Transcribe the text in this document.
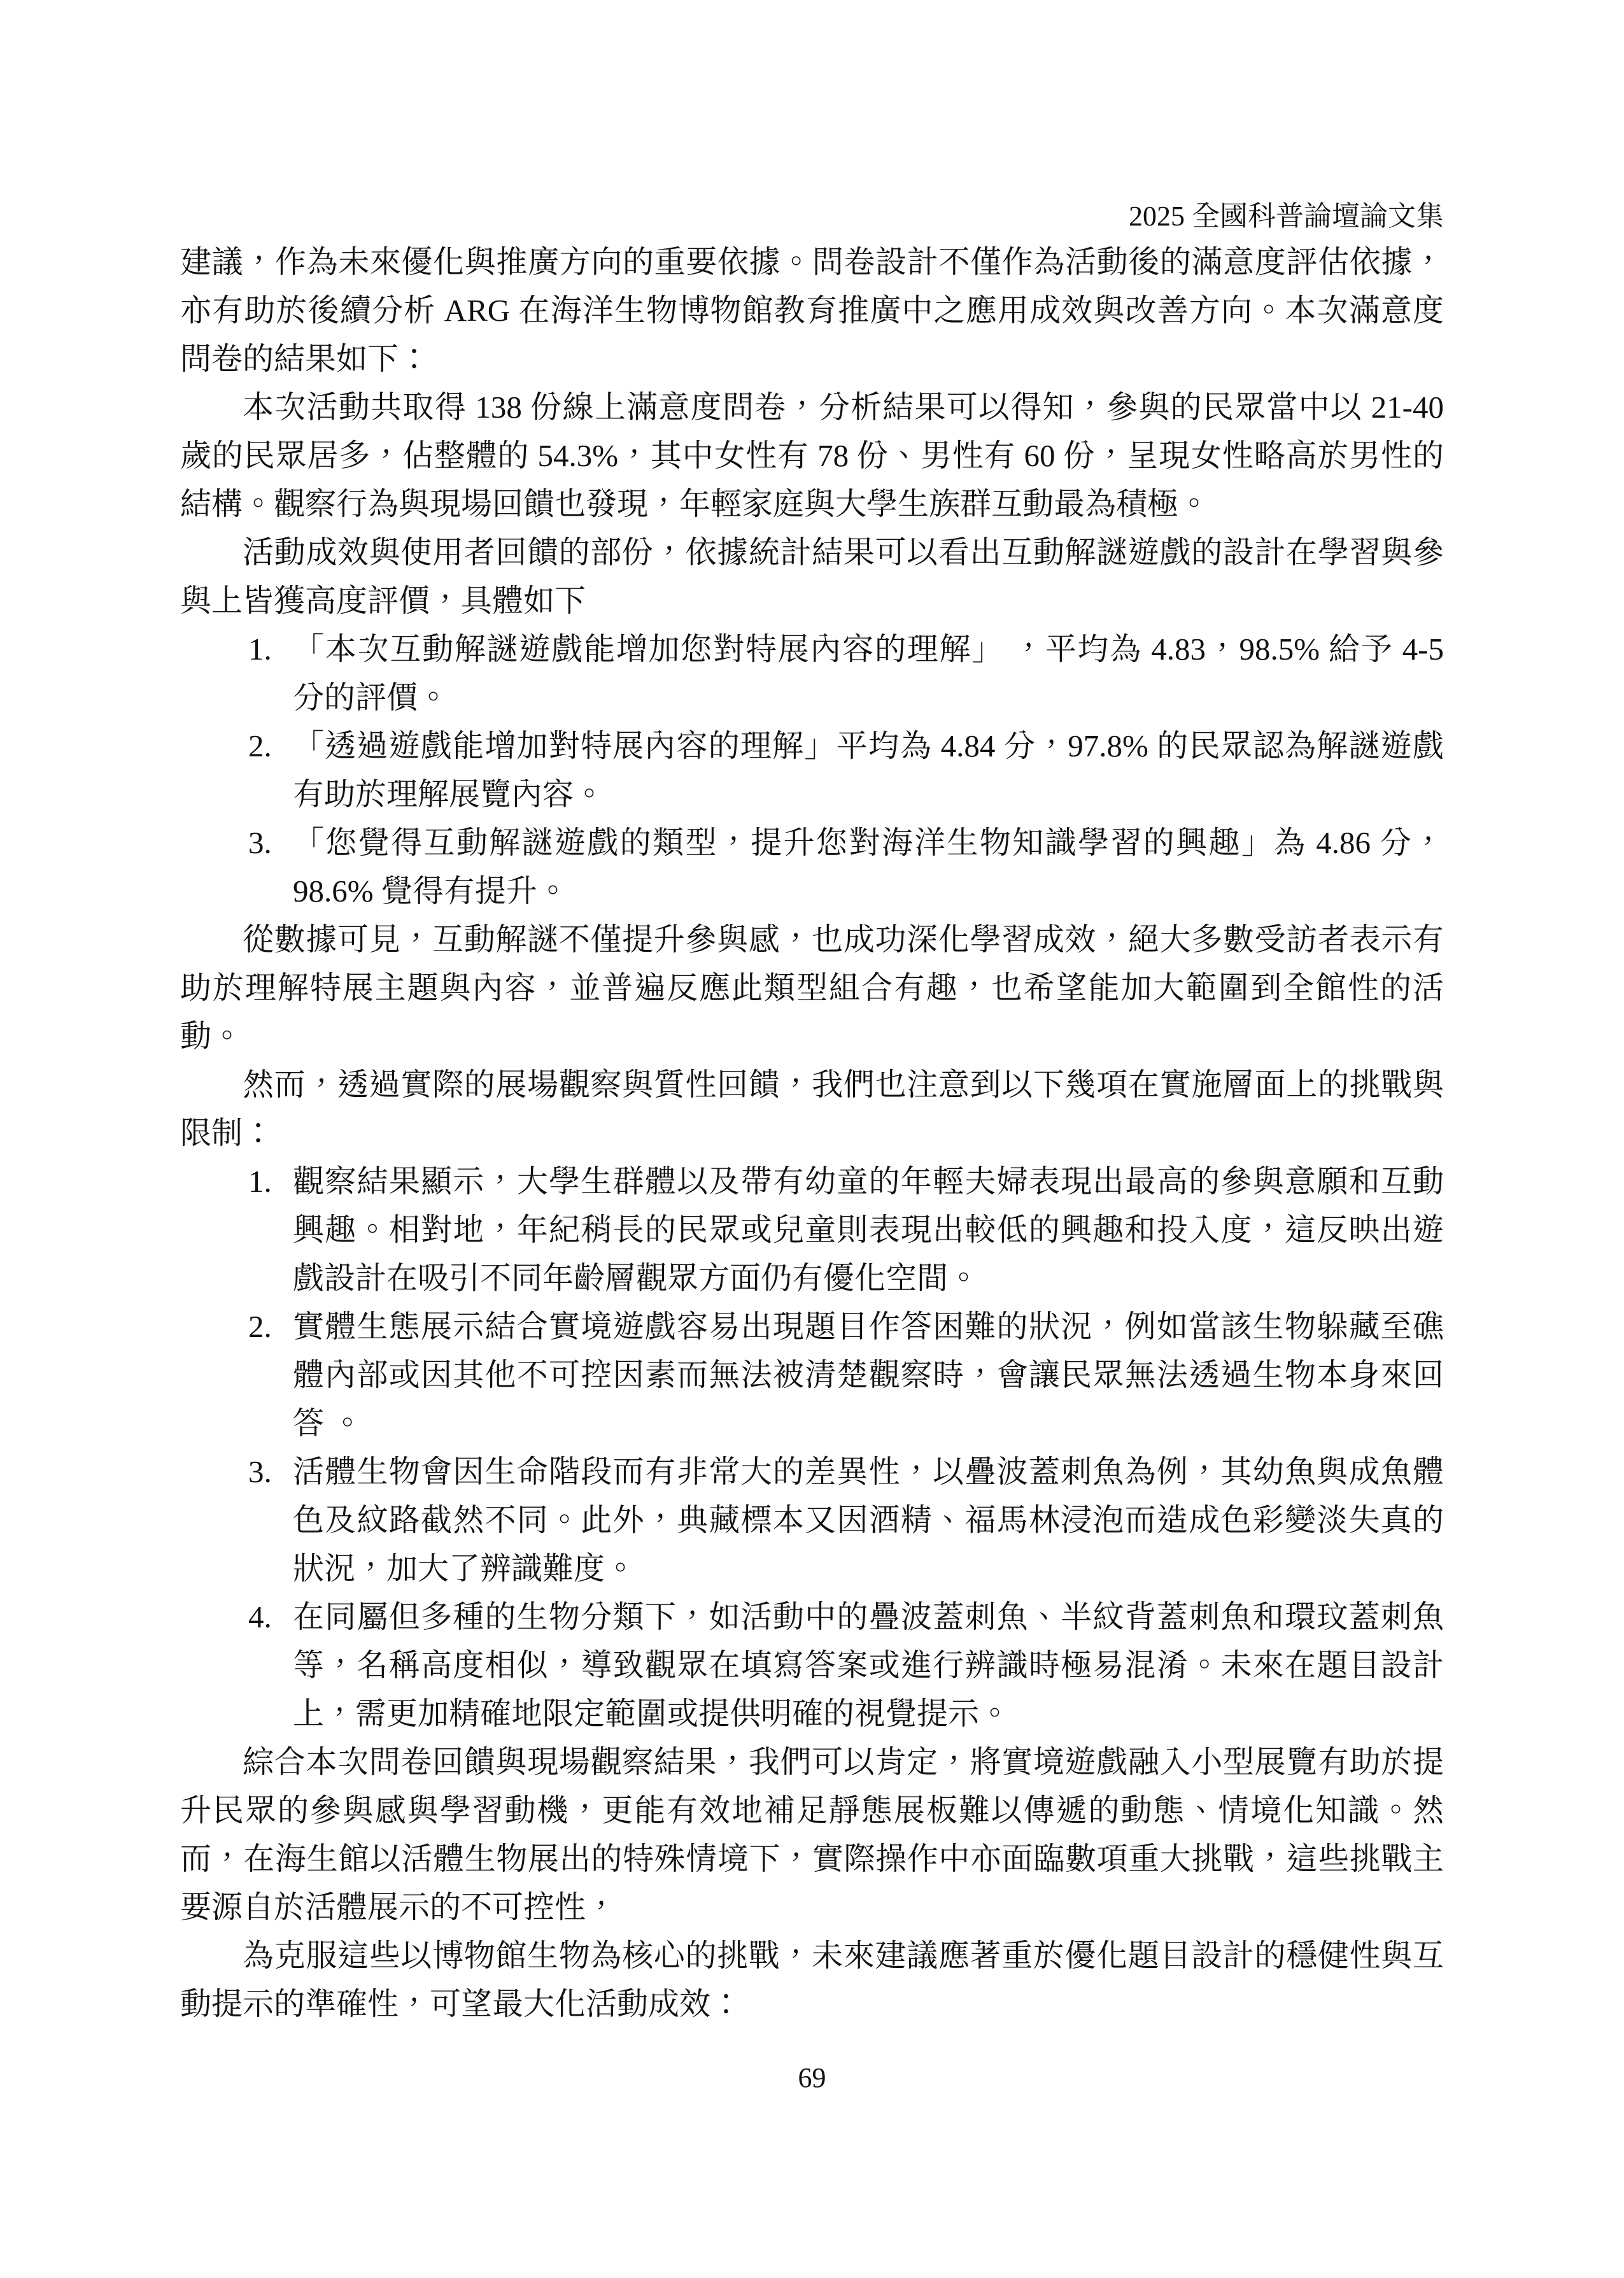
2025 全國科普論壇論文集

建議，作為未來優化與推廣方向的重要依據。問卷設計不僅作為活動後的滿意度評估依據，亦有助於後續分析 ARG 在海洋生物博物館教育推廣中之應用成效與改善方向。本次滿意度問卷的結果如下：

本次活動共取得 138 份線上滿意度問卷，分析結果可以得知，參與的民眾當中以 21-40 歲的民眾居多，佔整體的 54.3%，其中女性有 78 份、男性有 60 份，呈現女性略高於男性的結構。觀察行為與現場回饋也發現，年輕家庭與大學生族群互動最為積極。

活動成效與使用者回饋的部份，依據統計結果可以看出互動解謎遊戲的設計在學習與參與上皆獲高度評價，具體如下

1. 「本次互動解謎遊戲能增加您對特展內容的理解」 ，平均為 4.83，98.5% 給予 4-5 分的評價。
2. 「透過遊戲能增加對特展內容的理解」平均為 4.84 分，97.8% 的民眾認為解謎遊戲有助於理解展覽內容。
3. 「您覺得互動解謎遊戲的類型，提升您對海洋生物知識學習的興趣」為 4.86 分，98.6% 覺得有提升。

從數據可見，互動解謎不僅提升參與感，也成功深化學習成效，絕大多數受訪者表示有助於理解特展主題與內容，並普遍反應此類型組合有趣，也希望能加大範圍到全館性的活動。

然而，透過實際的展場觀察與質性回饋，我們也注意到以下幾項在實施層面上的挑戰與限制：

1. 觀察結果顯示，大學生群體以及帶有幼童的年輕夫婦表現出最高的參與意願和互動興趣。相對地，年紀稍長的民眾或兒童則表現出較低的興趣和投入度，這反映出遊戲設計在吸引不同年齡層觀眾方面仍有優化空間。
2. 實體生態展示結合實境遊戲容易出現題目作答困難的狀況，例如當該生物躲藏至礁體內部或因其他不可控因素而無法被清楚觀察時，會讓民眾無法透過生物本身來回答 。
3. 活體生物會因生命階段而有非常大的差異性，以疊波蓋刺魚為例，其幼魚與成魚體色及紋路截然不同。此外，典藏標本又因酒精、福馬林浸泡而造成色彩變淡失真的狀況，加大了辨識難度。
4. 在同屬但多種的生物分類下，如活動中的疊波蓋刺魚、半紋背蓋刺魚和環玟蓋刺魚等，名稱高度相似，導致觀眾在填寫答案或進行辨識時極易混淆。未來在題目設計上，需更加精確地限定範圍或提供明確的視覺提示。

綜合本次問卷回饋與現場觀察結果，我們可以肯定，將實境遊戲融入小型展覽有助於提升民眾的參與感與學習動機，更能有效地補足靜態展板難以傳遞的動態、情境化知識。然而，在海生館以活體生物展出的特殊情境下，實際操作中亦面臨數項重大挑戰，這些挑戰主要源自於活體展示的不可控性，

為克服這些以博物館生物為核心的挑戰，未來建議應著重於優化題目設計的穩健性與互動提示的準確性，可望最大化活動成效：

69
